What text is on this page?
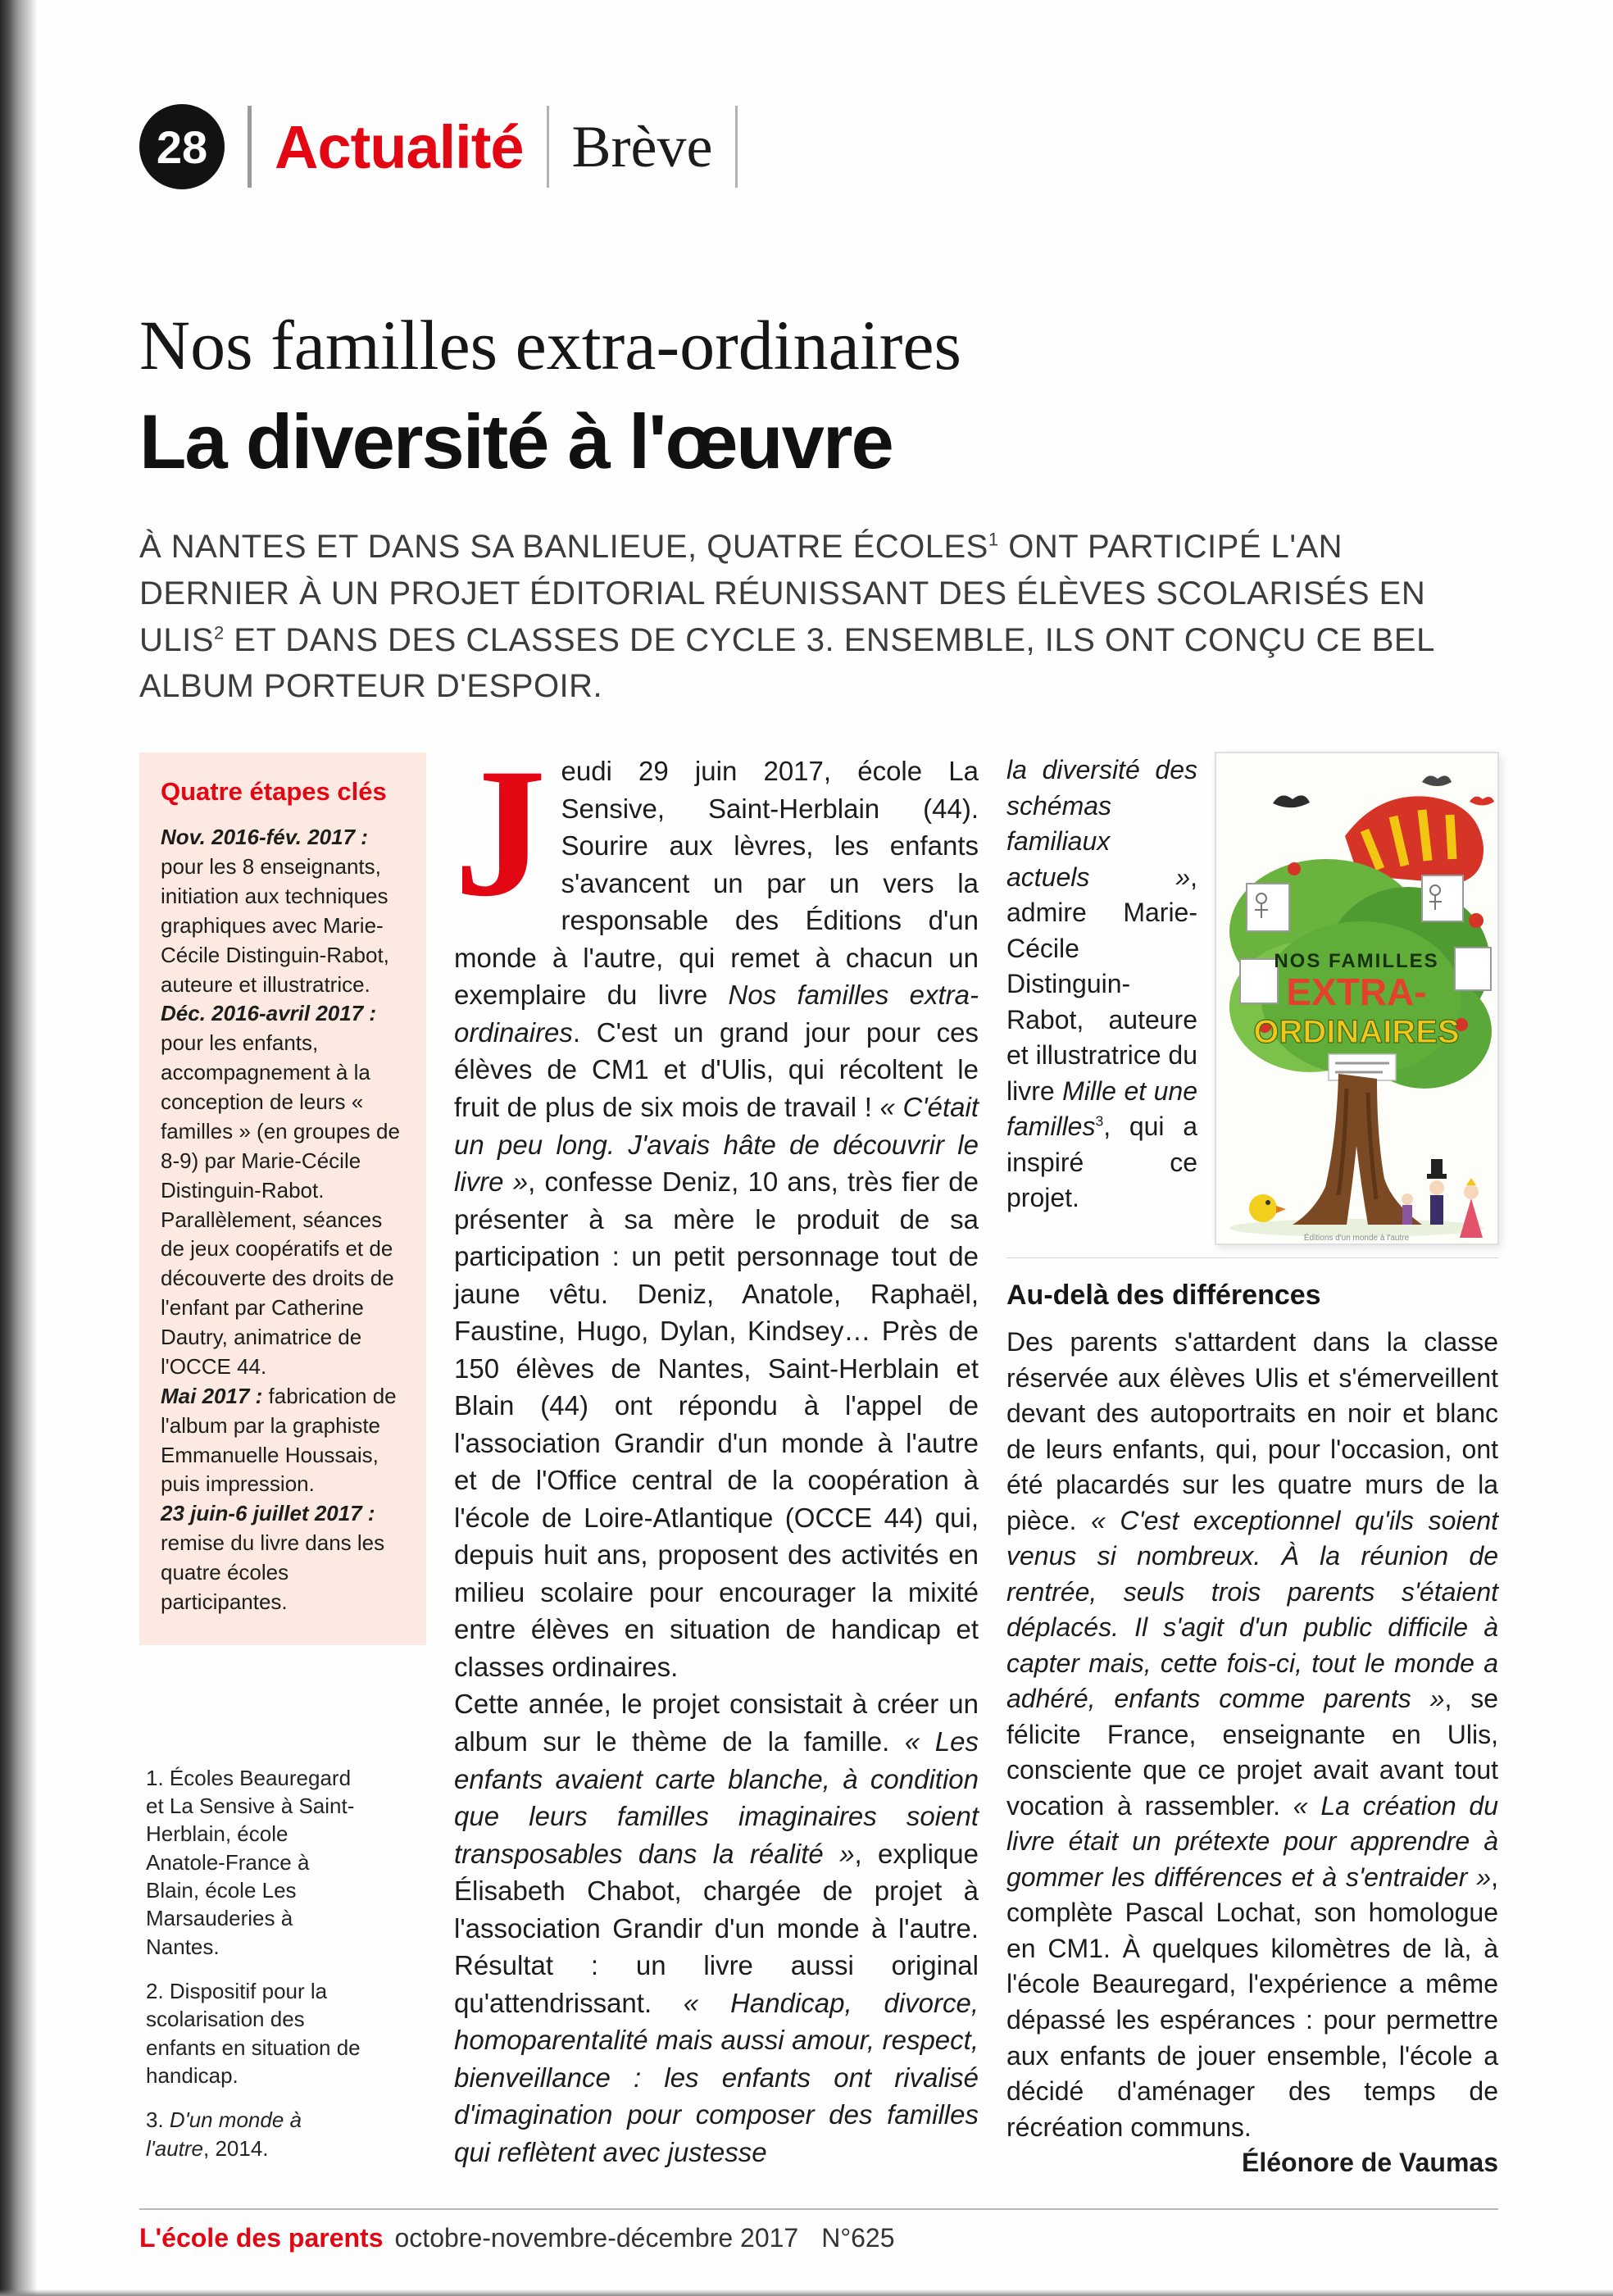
28 Actualité Brève
Nos familles extra-ordinaires
La diversité à l'œuvre

À NANTES ET DANS SA BANLIEUE, QUATRE ÉCOLES$^1$ ONT PARTICIPÉ L'AN DERNIER À UN PROJET ÉDITORIAL RÉUNISSANT DES ÉLÈVES SCOLARISÉS EN ULIS$^2$ ET DANS DES CLASSES DE CYCLE 3. ENSEMBLE, ILS ONT CONÇU CE BEL ALBUM PORTEUR D'ESPOIR.

Quatre étapes clés

Nov. 2016-fév. 2017 : pour les 8 enseignants, initiation aux techniques graphiques avec Marie-Cécile Distinguin-Rabot, auteure et illustratrice.

Déc. 2016-avril 2017 : pour les enfants, accompagnement à la conception de leurs « familles » (en groupes de 8-9) par Marie-Cécile Distinguin-Rabot. Parallèlement, séances de jeux coopératifs et de découverte des droits de l'enfant par Catherine Dautry, animatrice de l'OCCE 44.

Mai 2017 : fabrication de l'album par la graphiste Emmanuelle Houssais, puis impression.

23 juin-6 juillet 2017 : remise du livre dans les quatre écoles participantes.

1. Écoles Beauregard et La Sensive à Saint-Herblain, école Anatole-France à Blain, école Les Marsauderies à Nantes.

2. Dispositif pour la scolarisation des enfants en situation de handicap.

3. D'un monde à l'autre, 2014.

Jeudi 29 juin 2017, école La Sensive, Saint-Herblain (44). Sourire aux lèvres, les enfants s'avancent un par un vers la responsable des Éditions d'un monde à l'autre, qui remet à chacun un exemplaire du livre Nos familles extra-ordinaires. C'est un grand jour pour ces élèves de CM1 et d'Ulis, qui récoltent le fruit de plus de six mois de travail ! « C'était un peu long. J'avais hâte de découvrir le livre », confesse Deniz, 10 ans, très fier de présenter à sa mère le produit de sa participation : un petit personnage tout de jaune vêtu. Deniz, Anatole, Raphaël, Faustine, Hugo, Dylan, Kindsey… Près de 150 élèves de Nantes, Saint-Herblain et Blain (44) ont répondu à l'appel de l'association Grandir d'un monde à l'autre et de l'Office central de la coopération à l'école de Loire-Atlantique (OCCE 44) qui, depuis huit ans, proposent des activités en milieu scolaire pour encourager la mixité entre élèves en situation de handicap et classes ordinaires.

Cette année, le projet consistait à créer un album sur le thème de la famille. « Les enfants avaient carte blanche, à condition que leurs familles imaginaires soient transposables dans la réalité », explique Élisabeth Chabot, chargée de projet à l'association Grandir d'un monde à l'autre. Résultat : un livre aussi original qu'attendrissant. « Handicap, divorce, homoparentalité mais aussi amour, respect, bienveillance : les enfants ont rivalisé d'imagination pour composer des familles qui reflètent avec justesse

NOS FAMILLES
EXTRA-
ORDINAIRES
Éditions d'un monde à l'autre

la diversité des schémas familiaux actuels », admire Marie-Cécile Distinguin-Rabot, auteure et illustratrice du livre Mille et une familles$^3$, qui a inspiré ce projet.

Au-delà des différences

Des parents s'attardent dans la classe réservée aux élèves Ulis et s'émerveillent devant des autoportraits en noir et blanc de leurs enfants, qui, pour l'occasion, ont été placardés sur les quatre murs de la pièce. « C'est exceptionnel qu'ils soient venus si nombreux. À la réunion de rentrée, seuls trois parents s'étaient déplacés. Il s'agit d'un public difficile à capter mais, cette fois-ci, tout le monde a adhéré, enfants comme parents », se félicite France, enseignante en Ulis, consciente que ce projet avait avant tout vocation à rassembler. « La création du livre était un prétexte pour apprendre à gommer les différences et à s'entraider », complète Pascal Lochat, son homologue en CM1. À quelques kilomètres de là, à l'école Beauregard, l'expérience a même dépassé les espérances : pour permettre aux enfants de jouer ensemble, l'école a décidé d'aménager des temps de récréation communs.
Éléonore de Vaumas

L'école des parents octobre-novembre-décembre 2017 N°625
